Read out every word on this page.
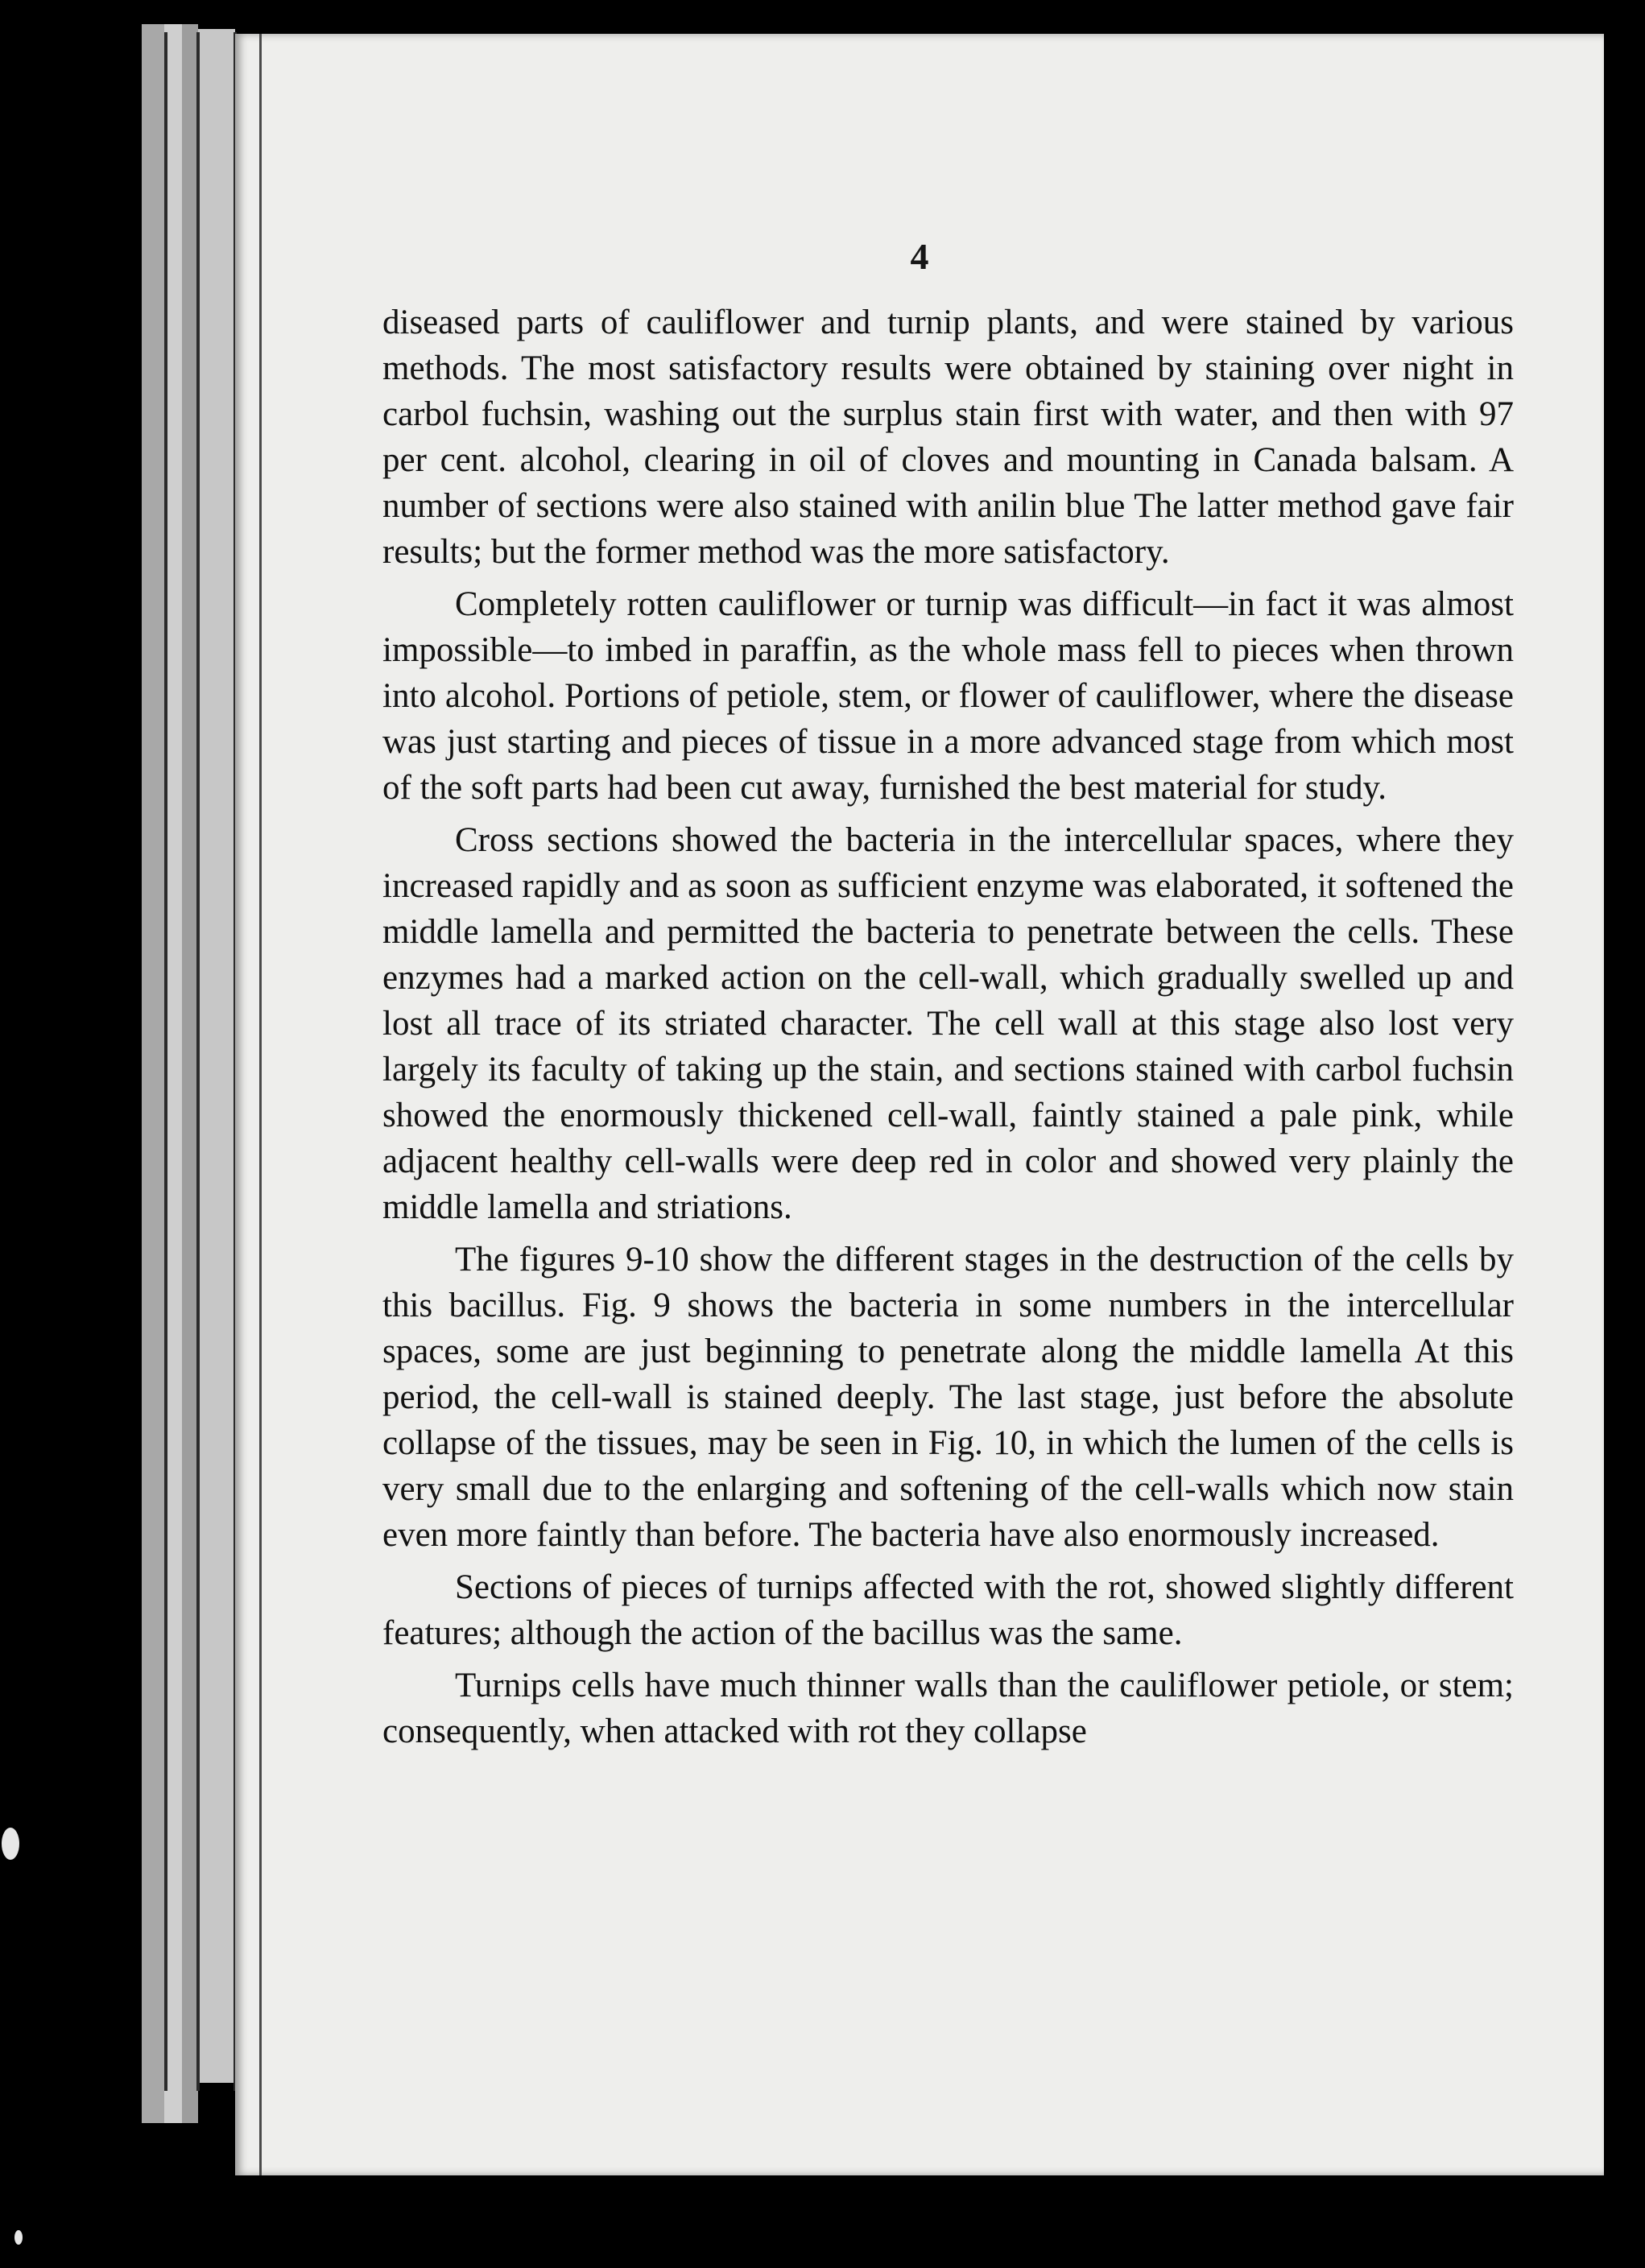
4

diseased parts of cauliflower and turnip plants, and were stained by various methods. The most satisfactory results were obtained by staining over night in carbol fuchsin, washing out the surplus stain first with water, and then with 97 per cent. alcohol, clearing in oil of cloves and mounting in Canada balsam. A number of sections were also stained with anilin blue The latter method gave fair results; but the former method was the more satisfactory.

Completely rotten cauliflower or turnip was difficult—in fact it was almost impossible—to imbed in paraffin, as the whole mass fell to pieces when thrown into alcohol. Portions of petiole, stem, or flower of cauliflower, where the disease was just starting and pieces of tissue in a more advanced stage from which most of the soft parts had been cut away, furnished the best material for study.

Cross sections showed the bacteria in the intercellular spaces, where they increased rapidly and as soon as sufficient enzyme was elaborated, it softened the middle lamella and permitted the bacteria to penetrate between the cells. These enzymes had a marked action on the cell-wall, which gradually swelled up and lost all trace of its striated character. The cell wall at this stage also lost very largely its faculty of taking up the stain, and sections stained with carbol fuchsin showed the enormously thickened cell-wall, faintly stained a pale pink, while adjacent healthy cell-walls were deep red in color and showed very plainly the middle lamella and striations.

The figures 9-10 show the different stages in the destruction of the cells by this bacillus. Fig. 9 shows the bacteria in some numbers in the intercellular spaces, some are just beginning to penetrate along the middle lamella At this period, the cell-wall is stained deeply. The last stage, just before the absolute collapse of the tissues, may be seen in Fig. 10, in which the lumen of the cells is very small due to the enlarging and softening of the cell-walls which now stain even more faintly than before. The bacteria have also enormously increased.

Sections of pieces of turnips affected with the rot, showed slightly different features; although the action of the bacillus was the same.

Turnips cells have much thinner walls than the cauliflower petiole, or stem; consequently, when attacked with rot they collapse
